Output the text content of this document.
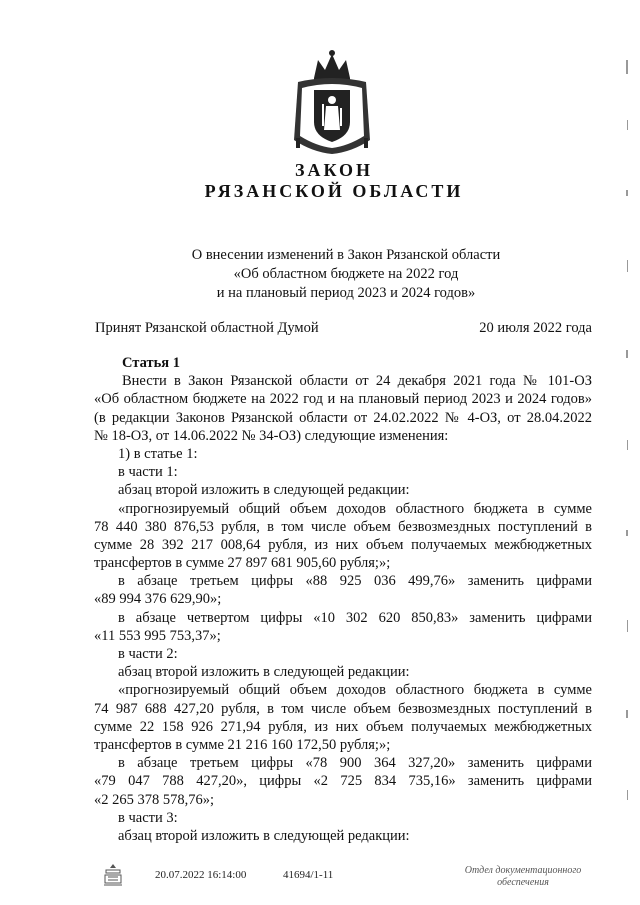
ЗАКОН
РЯЗАНСКОЙ ОБЛАСТИ
О внесении изменений в Закон Рязанской области
«Об областном бюджете на 2022 год
и на плановый период 2023 и 2024 годов»
Принят Рязанской областной Думой	20 июля 2022 года
Статья 1
Внести в Закон Рязанской области от 24 декабря 2021 года № 101-ОЗ
«Об областном бюджете на 2022 год и на плановый период 2023 и 2024 годов»
(в редакции Законов Рязанской области от 24.02.2022 № 4-ОЗ, от 28.04.2022
№ 18-ОЗ, от 14.06.2022 № 34-ОЗ) следующие изменения:
1) в статье 1:
в части 1:
абзац второй изложить в следующей редакции:
«прогнозируемый общий объем доходов областного бюджета в сумме
78 440 380 876,53 рубля, в том числе объем безвозмездных поступлений в
сумме 28 392 217 008,64 рубля, из них объем получаемых межбюджетных
трансфертов в сумме 27 897 681 905,60 рубля;»;
в абзаце третьем цифры «88 925 036 499,76» заменить цифрами
«89 994 376 629,90»;
в абзаце четвертом цифры «10 302 620 850,83» заменить цифрами
«11 553 995 753,37»;
в части 2:
абзац второй изложить в следующей редакции:
«прогнозируемый общий объем доходов областного бюджета в сумме
74 987 688 427,20 рубля, в том числе объем безвозмездных поступлений в
сумме 22 158 926 271,94 рубля, из них объем получаемых межбюджетных
трансфертов в сумме 21 216 160 172,50 рубля;»;
в абзаце третьем цифры «78 900 364 327,20» заменить цифрами
«79 047 788 427,20», цифры «2 725 834 735,16» заменить цифрами
«2 265 378 578,76»;
в части 3:
абзац второй изложить в следующей редакции:
20.07.2022 16:14:00	41694/1-11	Отдел документационного
обеспечения
